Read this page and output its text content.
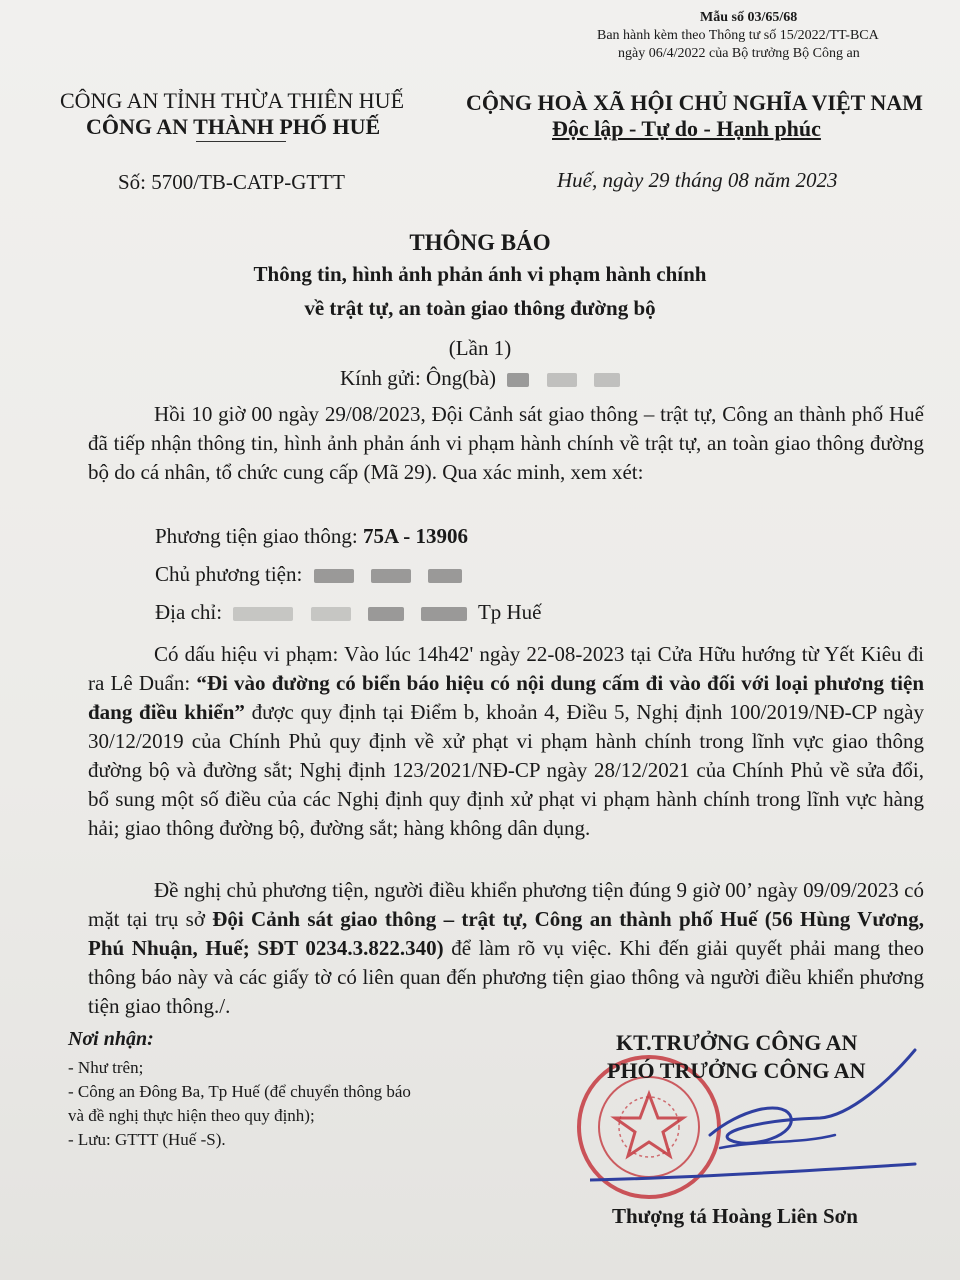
Mẫu số 03/65/68
Ban hành kèm theo Thông tư số 15/2022/TT-BCA
ngày 06/4/2022 của Bộ trưởng Bộ Công an
CÔNG AN TỈNH THỪA THIÊN HUẾ
CÔNG AN THÀNH PHỐ HUẾ
CỘNG HOÀ XÃ HỘI CHỦ NGHĨA VIỆT NAM
Độc lập - Tự do - Hạnh phúc
Số: 5700/TB-CATP-GTTT	Huế, ngày 29 tháng 08 năm 2023
THÔNG BÁO
Thông tin, hình ảnh phản ánh vi phạm hành chính
về trật tự, an toàn giao thông đường bộ
(Lần 1)
Kính gửi: Ông(bà)
Hồi 10 giờ 00 ngày 29/08/2023, Đội Cảnh sát giao thông – trật tự, Công an thành phố Huế đã tiếp nhận thông tin, hình ảnh phản ánh vi phạm hành chính về trật tự, an toàn giao thông đường bộ do cá nhân, tổ chức cung cấp (Mã 29). Qua xác minh, xem xét:
Phương tiện giao thông: 75A - 13906
Chủ phương tiện:
Địa chỉ:	Tp Huế
Có dấu hiệu vi phạm: Vào lúc 14h42' ngày 22-08-2023 tại Cửa Hữu hướng từ Yết Kiêu đi ra Lê Duẩn: “Đi vào đường có biển báo hiệu có nội dung cấm đi vào đối với loại phương tiện đang điều khiển” được quy định tại Điểm b, khoản 4, Điều 5, Nghị định 100/2019/NĐ-CP ngày 30/12/2019 của Chính Phủ quy định về xử phạt vi phạm hành chính trong lĩnh vực giao thông đường bộ và đường sắt; Nghị định 123/2021/NĐ-CP ngày 28/12/2021 của Chính Phủ về sửa đổi, bổ sung một số điều của các Nghị định quy định xử phạt vi phạm hành chính trong lĩnh vực hàng hải; giao thông đường bộ, đường sắt; hàng không dân dụng.
Đề nghị chủ phương tiện, người điều khiển phương tiện đúng 9 giờ 00’ ngày 09/09/2023 có mặt tại trụ sở Đội Cảnh sát giao thông – trật tự, Công an thành phố Huế (56 Hùng Vương, Phú Nhuận, Huế; SĐT 0234.3.822.340) để làm rõ vụ việc. Khi đến giải quyết phải mang theo thông báo này và các giấy tờ có liên quan đến phương tiện giao thông và người điều khiển phương tiện giao thông./.
Nơi nhận:
- Như trên;
- Công an Đông Ba, Tp Huế (để chuyển thông báo
và đề nghị thực hiện theo quy định);
- Lưu: GTTT (Huế -S).
KT.TRƯỞNG CÔNG AN
PHÓ TRƯỞNG CÔNG AN
Thượng tá Hoàng Liên Sơn
